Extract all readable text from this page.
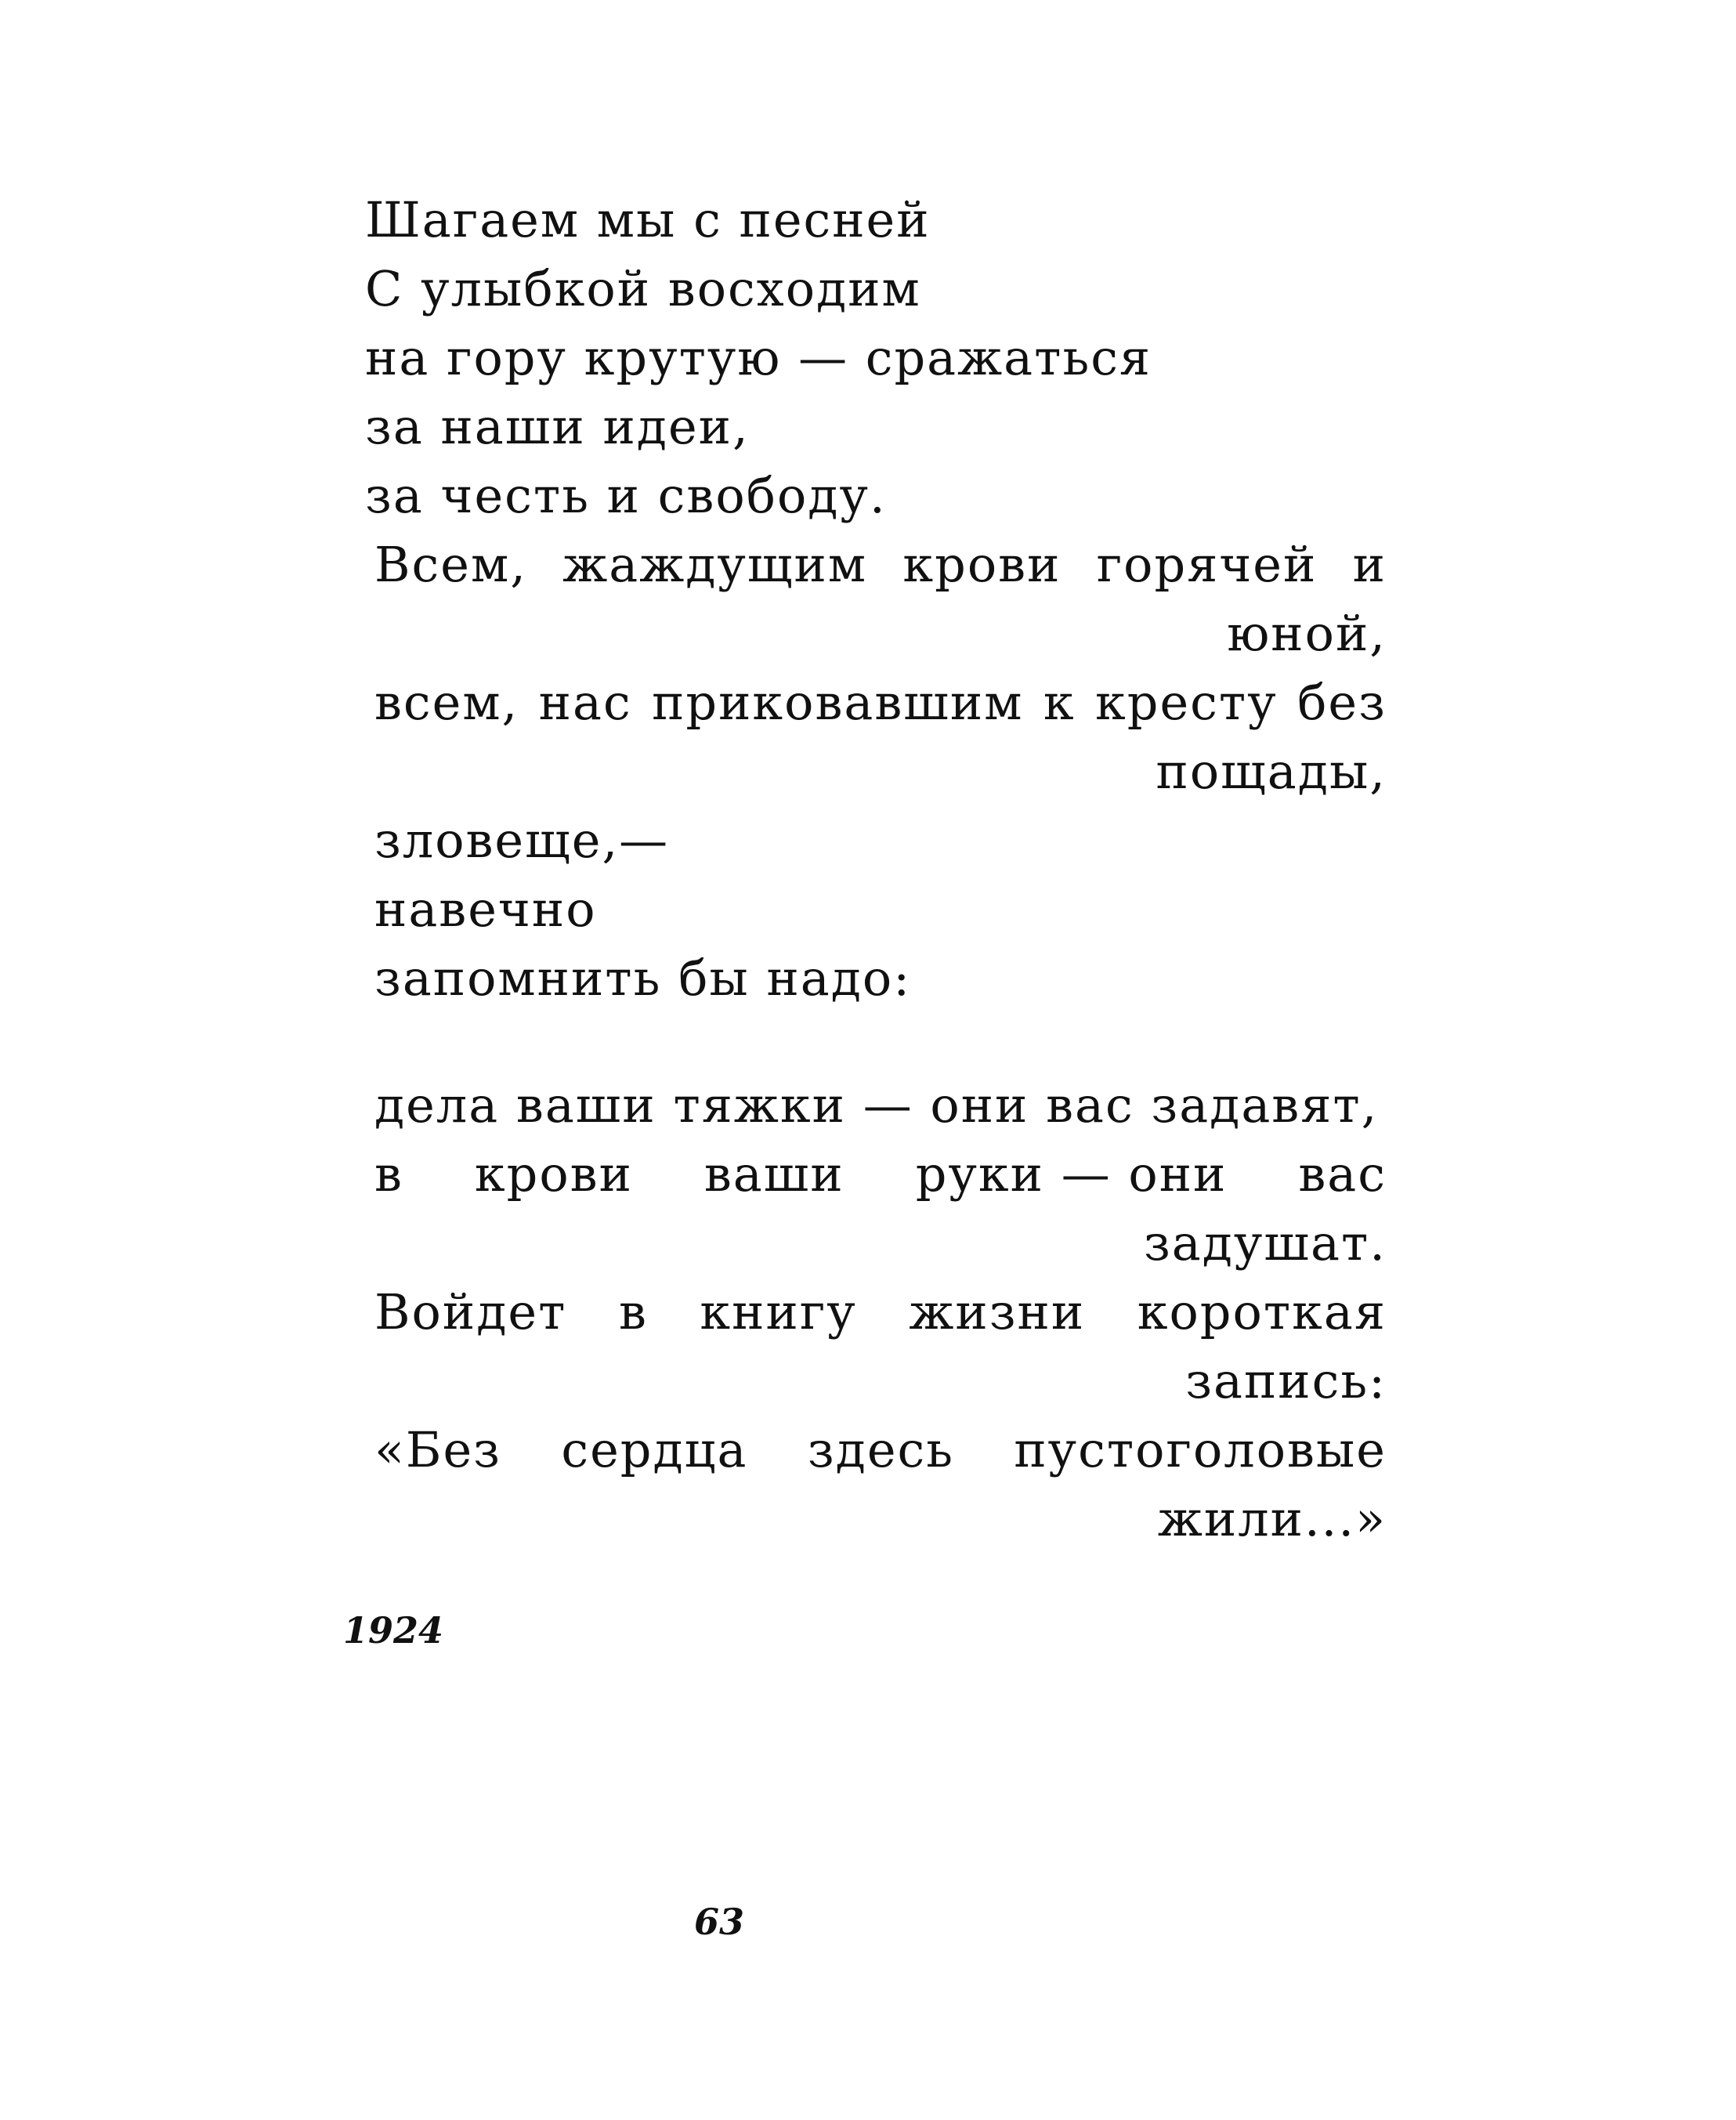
Шагаем мы с песней
С улыбкой восходим
на гору крутую — сражаться
за наши идеи,
за честь и свободу.
Всем, жаждущим крови горячей и
юной,
всем, нас приковавшим к кресту без
пощады,
зловеще,—
навечно
запомнить бы надо:
дела ваши тяжки — они вас задавят,
в крови ваши руки — они вас
задушат.
Войдет в книгу жизни короткая
запись:
«Без сердца здесь пустоголовые
жили...»
1924
63
